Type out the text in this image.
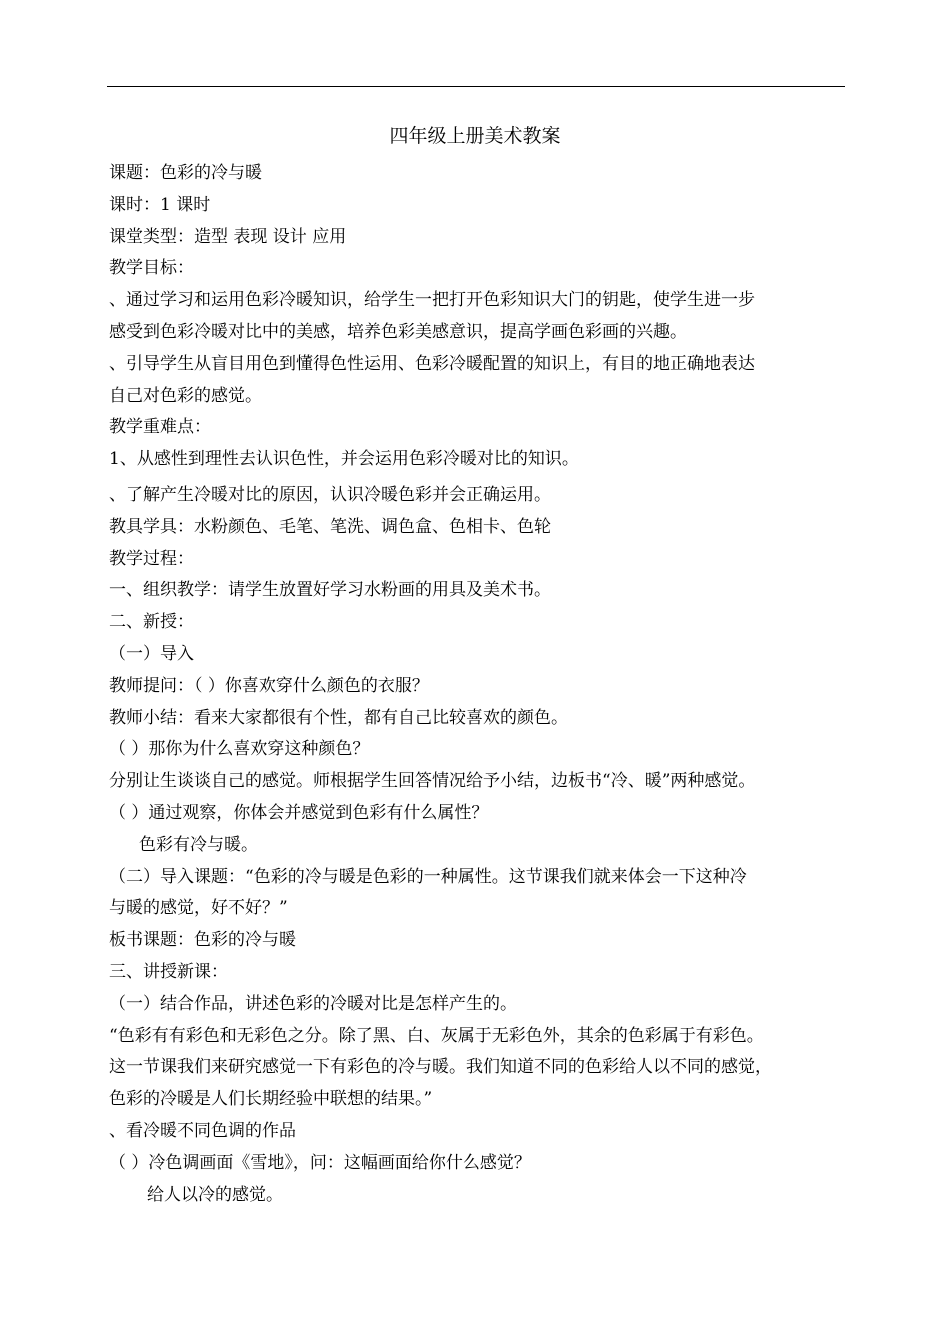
四年级上册美术教案
课题：色彩的冷与暖
课时：1 课时
课堂类型：造型 表现 设计 应用
教学目标：
、通过学习和运用色彩冷暖知识，给学生一把打开色彩知识大门的钥匙，使学生进一步
感受到色彩冷暖对比中的美感，培养色彩美感意识，提高学画色彩画的兴趣。
、引导学生从盲目用色到懂得色性运用、色彩冷暖配置的知识上，有目的地正确地表达
自己对色彩的感觉。
教学重难点：
1、从感性到理性去认识色性，并会运用色彩冷暖对比的知识。
、了解产生冷暖对比的原因，认识冷暖色彩并会正确运用。
教具学具：水粉颜色、毛笔、笔洗、调色盒、色相卡、色轮
教学过程：
一、组织教学：请学生放置好学习水粉画的用具及美术书。
二、新授：
（一）导入
教师提问：（ ）你喜欢穿什么颜色的衣服？
教师小结：看来大家都很有个性，都有自己比较喜欢的颜色。
（ ）那你为什么喜欢穿这种颜色？
分别让生谈谈自己的感觉。师根据学生回答情况给予小结，边板书“冷、暖”两种感觉。
（ ）通过观察，你体会并感觉到色彩有什么属性？
色彩有冷与暖。
（二）导入课题：“色彩的冷与暖是色彩的一种属性。这节课我们就来体会一下这种冷
与暖的感觉，好不好？”
板书课题：色彩的冷与暖
三、讲授新课：
（一）结合作品，讲述色彩的冷暖对比是怎样产生的。
“色彩有有彩色和无彩色之分。除了黑、白、灰属于无彩色外，其余的色彩属于有彩色。
这一节课我们来研究感觉一下有彩色的冷与暖。我们知道不同的色彩给人以不同的感觉，
色彩的冷暖是人们长期经验中联想的结果。”
、看冷暖不同色调的作品
（ ）冷色调画面《雪地》，问：这幅画面给你什么感觉？
给人以冷的感觉。
